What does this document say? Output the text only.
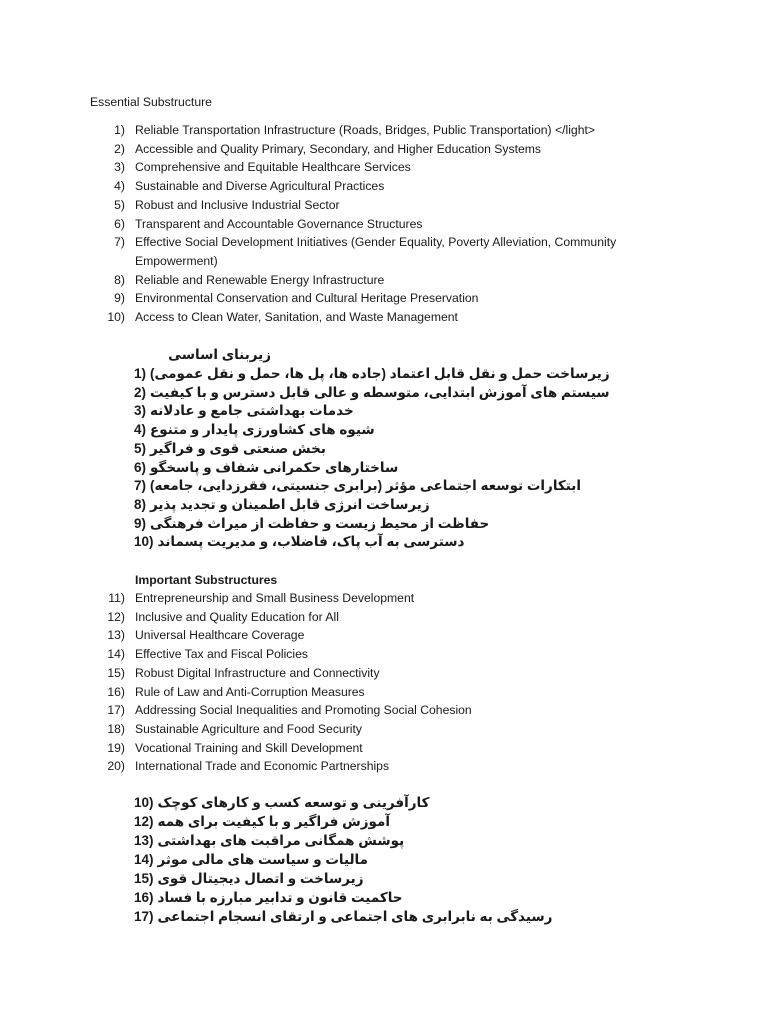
Essential Substructure
1) Reliable Transportation Infrastructure (Roads, Bridges, Public Transportation) </light>
2) Accessible and Quality Primary, Secondary, and Higher Education Systems
3) Comprehensive and Equitable Healthcare Services
4) Sustainable and Diverse Agricultural Practices
5) Robust and Inclusive Industrial Sector
6) Transparent and Accountable Governance Structures
7) Effective Social Development Initiatives (Gender Equality, Poverty Alleviation, Community Empowerment)
8) Reliable and Renewable Energy Infrastructure
9) Environmental Conservation and Cultural Heritage Preservation
10) Access to Clean Water, Sanitation, and Waste Management
زیربنای اساسی
1) زیرساخت حمل و نقل قابل اعتماد (جاده ها، پل ها، حمل و نقل عمومی)
2) سیستم های آموزش ابتدایی، متوسطه و عالی قابل دسترس و با کیفیت
3) خدمات بهداشتی جامع و عادلانه
4) شیوه های کشاورزی پایدار و متنوع
5) بخش صنعتی قوی و فراگیر
6) ساختارهای حکمرانی شفاف و پاسخگو
7) ابتکارات توسعه اجتماعی مؤثر (برابری جنسیتی، فقرزدایی، جامعه)
8) زیرساخت انرژی قابل اطمینان و تجدید پذیر
9) حفاظت از محیط زیست و حفاظت از میراث فرهنگی
10) دسترسی به آب پاک، فاضلاب، و مدیریت پسماند
Important Substructures
11) Entrepreneurship and Small Business Development
12) Inclusive and Quality Education for All
13) Universal Healthcare Coverage
14) Effective Tax and Fiscal Policies
15) Robust Digital Infrastructure and Connectivity
16) Rule of Law and Anti-Corruption Measures
17) Addressing Social Inequalities and Promoting Social Cohesion
18) Sustainable Agriculture and Food Security
19) Vocational Training and Skill Development
20) International Trade and Economic Partnerships
10) کارآفرینی و توسعه کسب و کارهای کوچک
12) آموزش فراگیر و با کیفیت برای همه
13) پوشش همگانی مراقبت های بهداشتی
14) مالیات و سیاست های مالی موثر
15) زیرساخت و اتصال دیجیتال قوی
16) حاکمیت قانون و تدابیر مبارزه با فساد
17) رسیدگی به نابرابری های اجتماعی و ارتقای انسجام اجتماعی
